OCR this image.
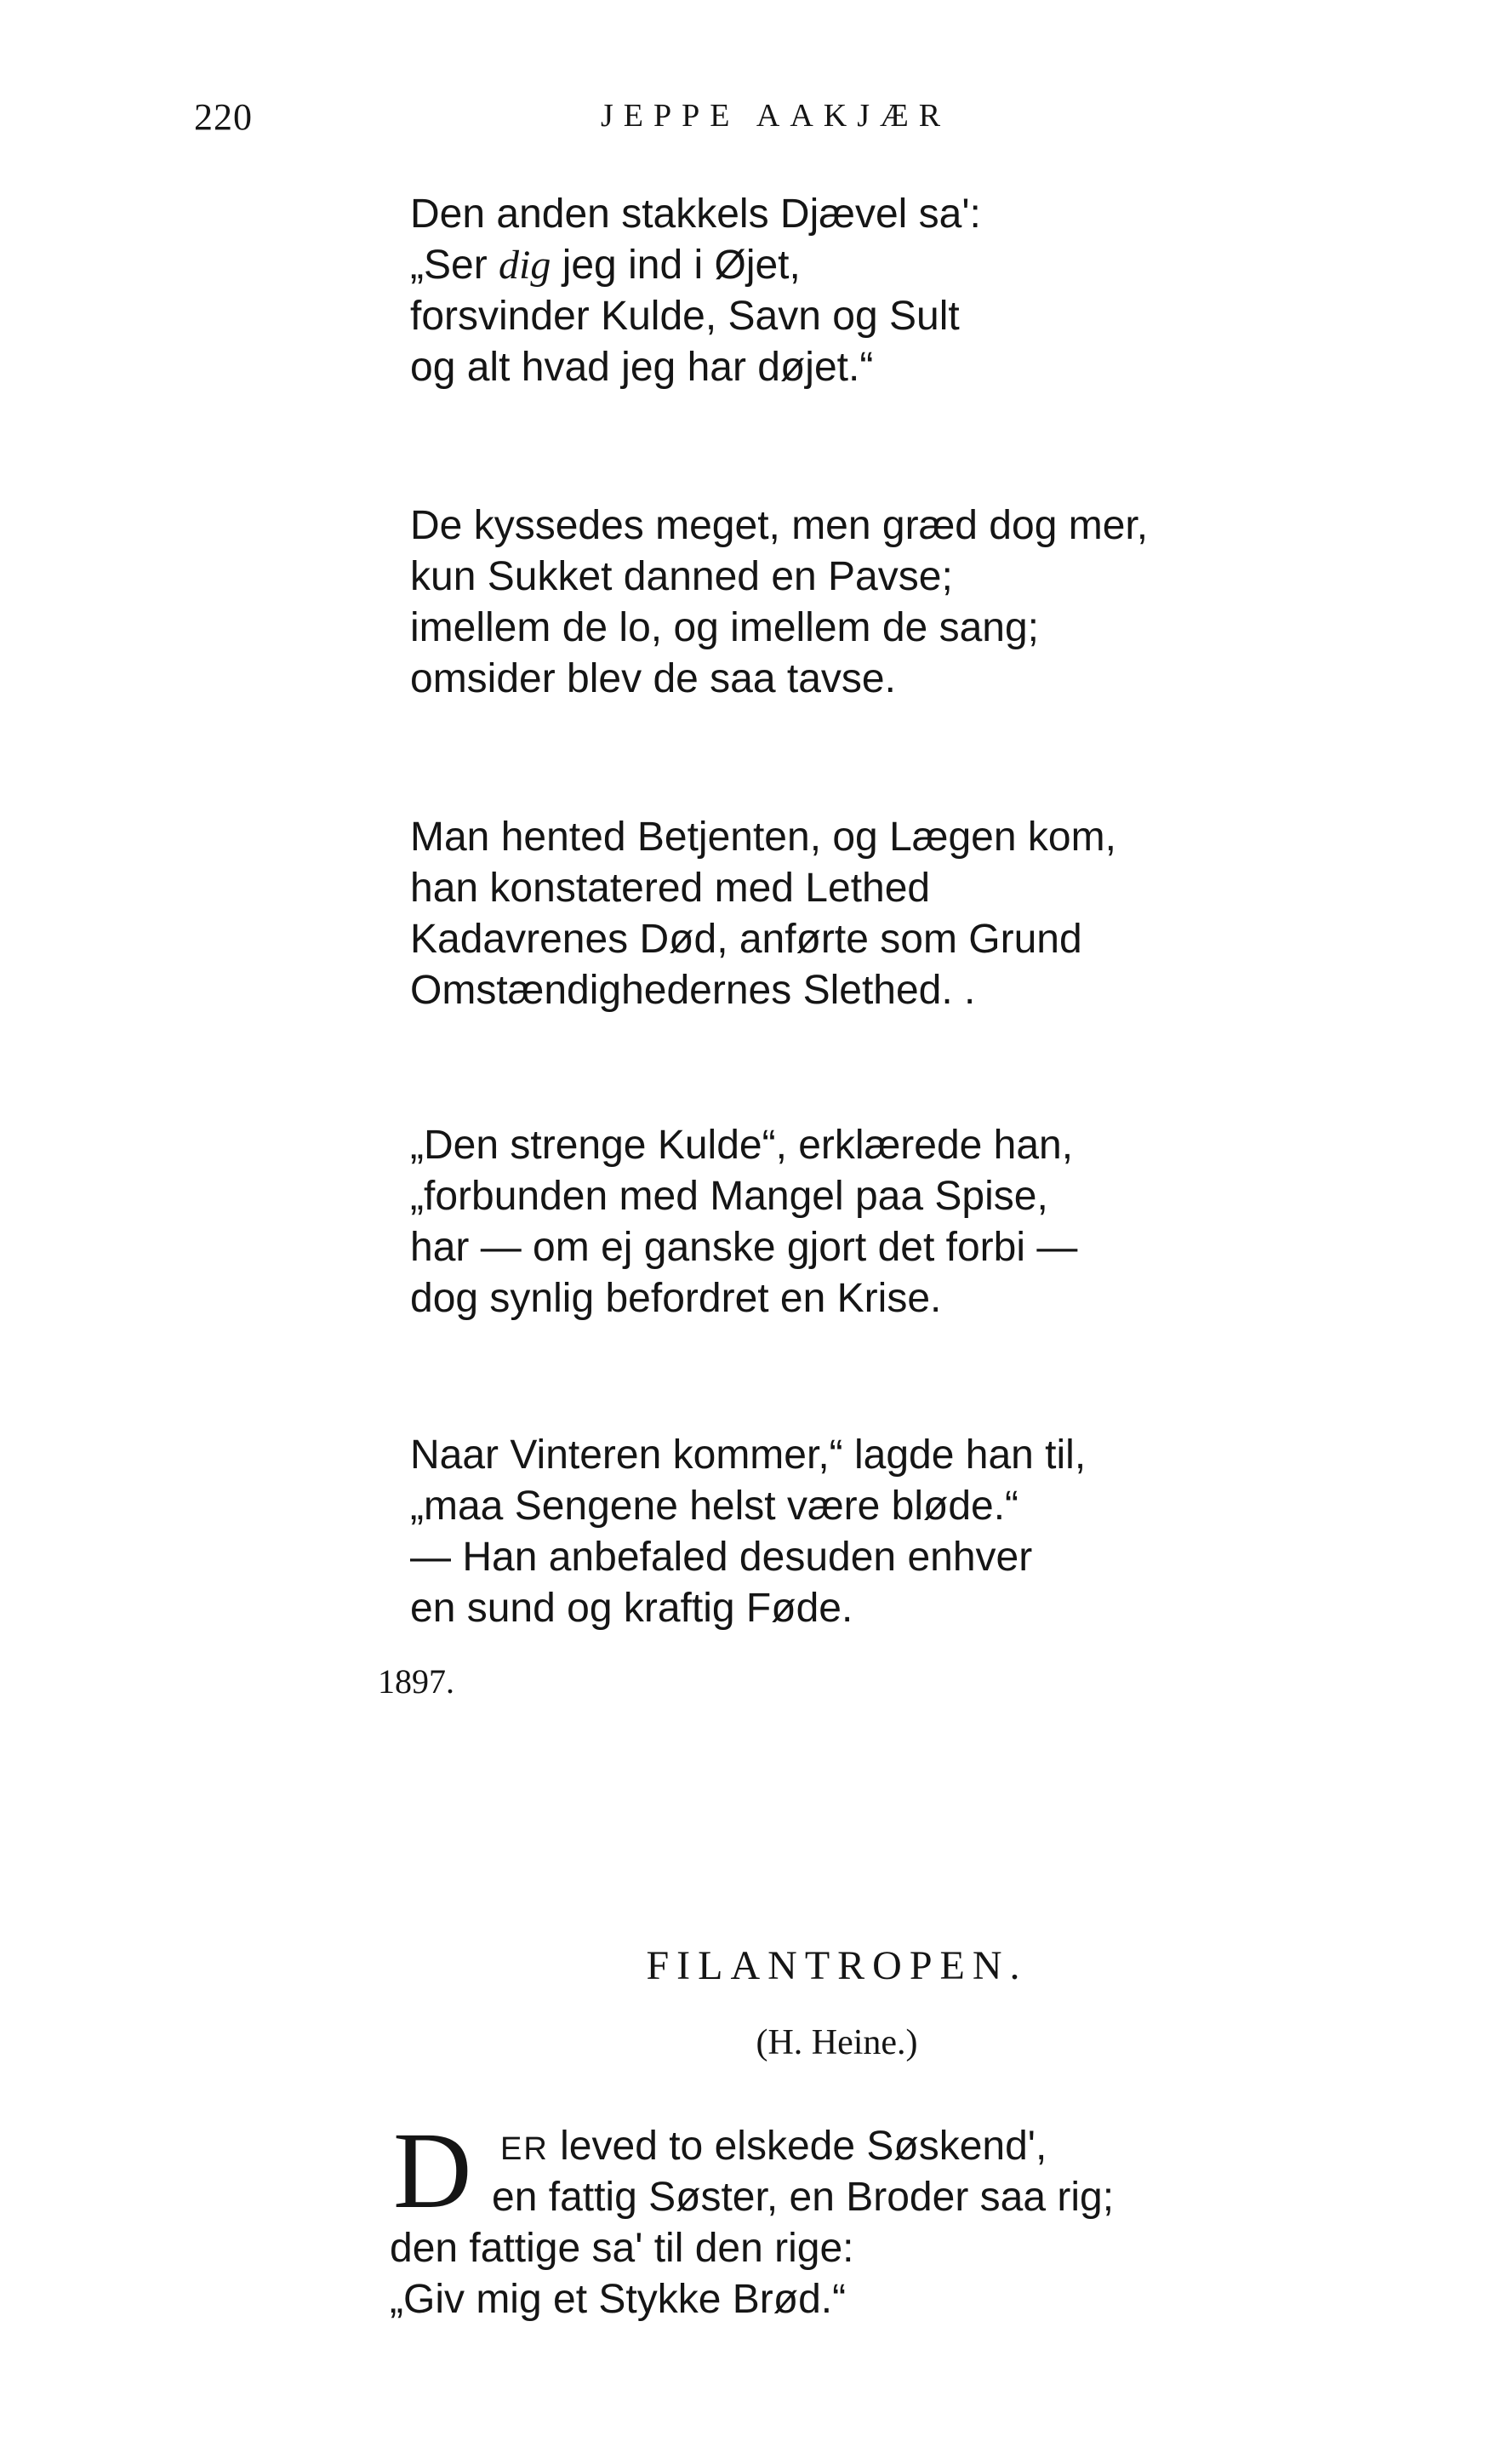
220	JEPPE AAKJÆR
Den anden stakkels Djævel sa':
„Ser dig jeg ind i Øjet,
forsvinder Kulde, Savn og Sult
og alt hvad jeg har døjet.“
De kyssedes meget, men græd dog mer,
kun Sukket danned en Pavse;
imellem de lo, og imellem de sang;
omsider blev de saa tavse.
Man hented Betjenten, og Lægen kom,
han konstatered med Lethed
Kadavrenes Død, anførte som Grund
Omstændighedernes Slethed. .
„Den strenge Kulde“, erklærede han,
„forbunden med Mangel paa Spise,
har — om ej ganske gjort det forbi —
dog synlig befordret en Krise.
Naar Vinteren kommer,“ lagde han til,
„maa Sengene helst være bløde.“
— Han anbefaled desuden enhver
en sund og kraftig Føde.
1897.
FILANTROPEN.
(H. Heine.)
D ER leved to elskede Søskend',
en fattig Søster, en Broder saa rig;
den fattige sa' til den rige:
„Giv mig et Stykke Brød.“
